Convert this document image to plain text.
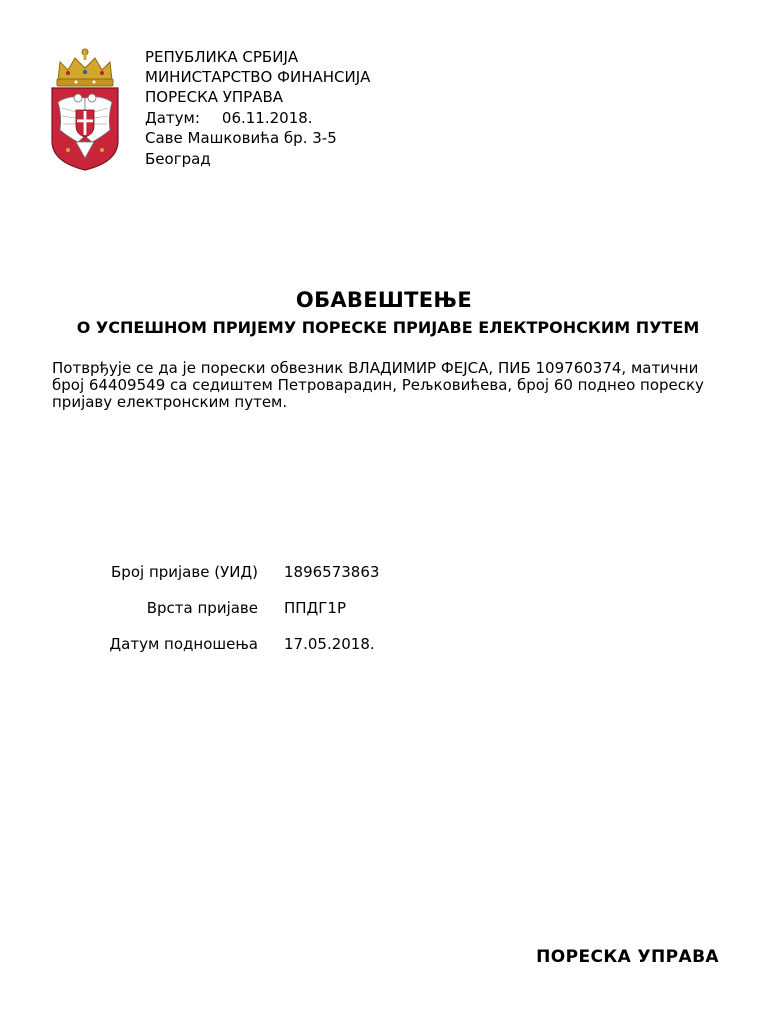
РЕПУБЛИКА СРБИЈА
МИНИСТАРСТВО ФИНАНСИЈА
ПОРЕСКА УПРАВА
Датум: 06.11.2018.
Саве Машковића бр. 3-5
Београд
ОБАВЕШТЕЊЕ
О УСПЕШНОМ ПРИЈЕМУ ПОРЕСКЕ ПРИЈАВЕ ЕЛЕКТРОНСКИМ ПУТЕМ
Потврђује се да је порески обвезник ВЛАДИМИР ФЕЈСА, ПИБ 109760374, матични број 64409549 са седиштем Петроварадин, Рељковићева, број 60 поднео пореску пријаву електронским путем.
Број пријаве (УИД) 1896573863
Врста пријаве ППДГ1Р
Датум подношења 17.05.2018.
ПОРЕСКА УПРАВА
